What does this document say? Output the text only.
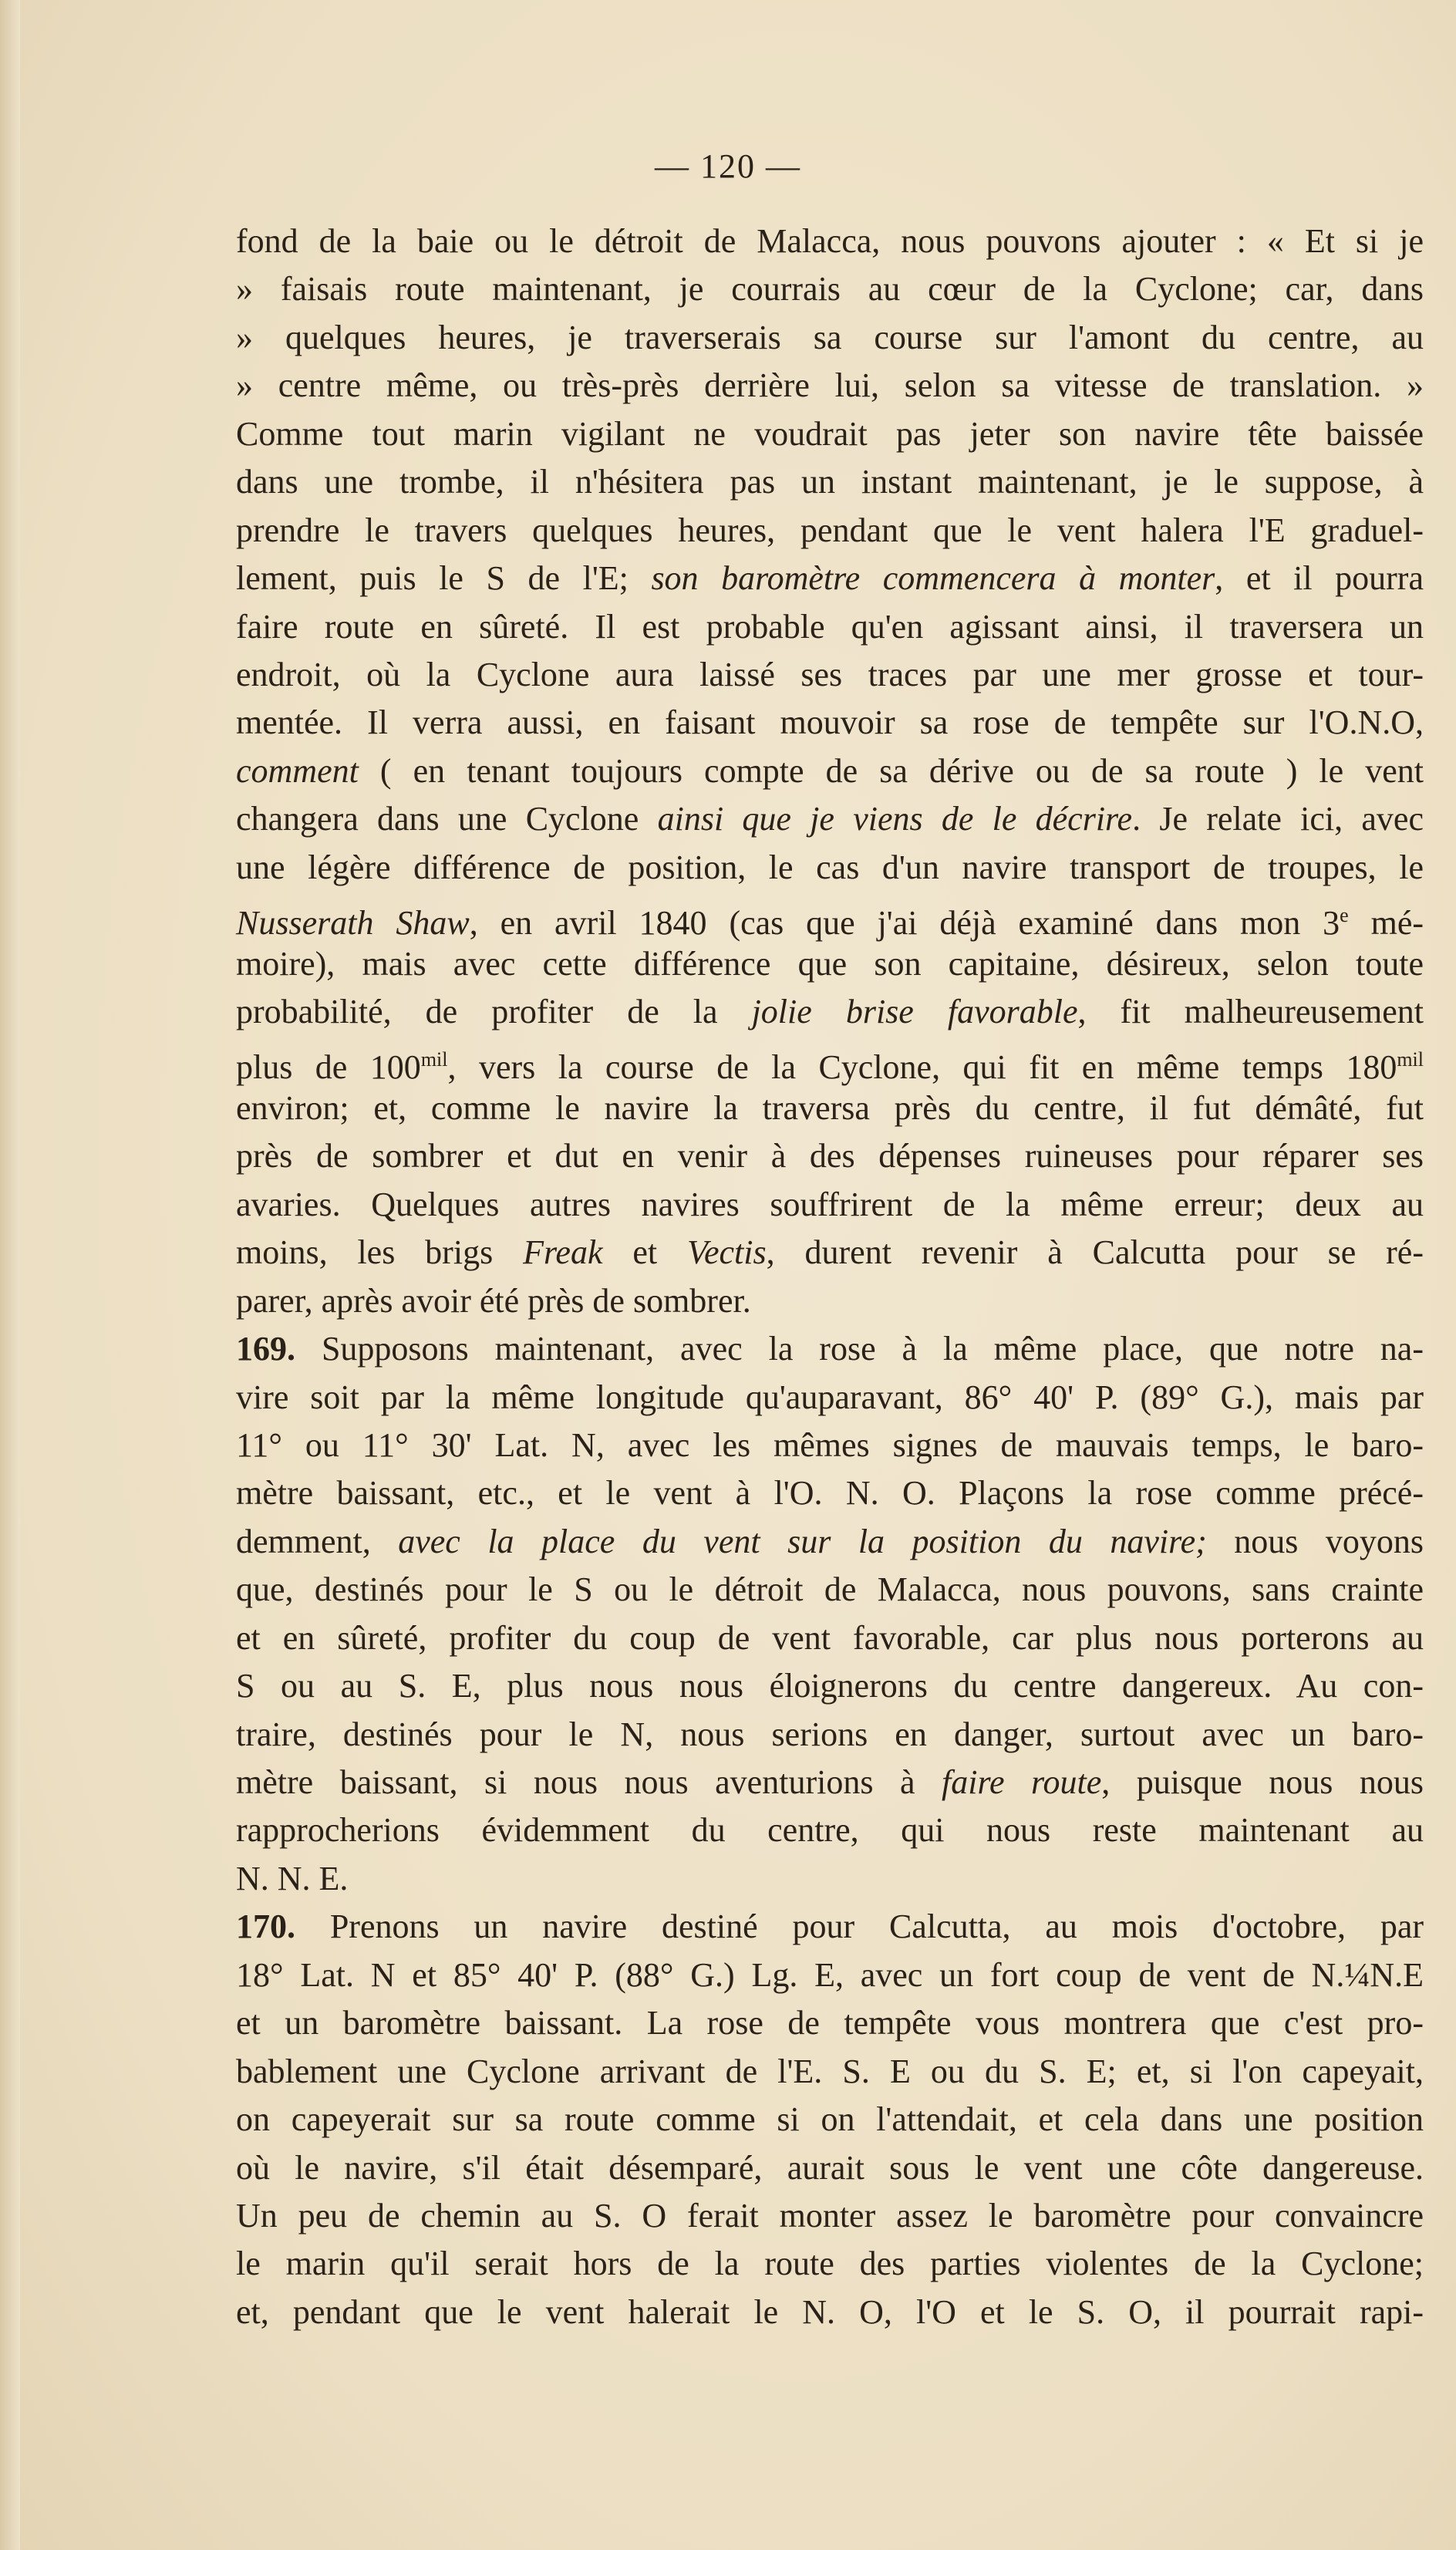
— 120 —
fond de la baie ou le détroit de Malacca, nous pouvons ajouter : « Et si je
» faisais route maintenant, je courrais au cœur de la Cyclone; car, dans
» quelques heures, je traverserais sa course sur l'amont du centre, au
» centre même, ou très-près derrière lui, selon sa vitesse de translation. »
Comme tout marin vigilant ne voudrait pas jeter son navire tête baissée
dans une trombe, il n'hésitera pas un instant maintenant, je le suppose, à
prendre le travers quelques heures, pendant que le vent halera l'E graduel-
lement, puis le S de l'E; son baromètre commencera à monter, et il pourra
faire route en sûreté. Il est probable qu'en agissant ainsi, il traversera un
endroit, où la Cyclone aura laissé ses traces par une mer grosse et tour-
mentée. Il verra aussi, en faisant mouvoir sa rose de tempête sur l'O.N.O,
comment ( en tenant toujours compte de sa dérive ou de sa route ) le vent
changera dans une Cyclone ainsi que je viens de le décrire. Je relate ici, avec
une légère différence de position, le cas d'un navire transport de troupes, le
Nusserath Shaw, en avril 1840 (cas que j'ai déjà examiné dans mon 3e mé-
moire), mais avec cette différence que son capitaine, désireux, selon toute
probabilité, de profiter de la jolie brise favorable, fit malheureusement
plus de $100^{mil}$, vers la course de la Cyclone, qui fit en même temps $180^{mil}$
environ; et, comme le navire la traversa près du centre, il fut démâté, fut
près de sombrer et dut en venir à des dépenses ruineuses pour réparer ses
avaries. Quelques autres navires souffrirent de la même erreur; deux au
moins, les brigs Freak et Vectis, durent revenir à Calcutta pour se ré-
parer, après avoir été près de sombrer.
169. Supposons maintenant, avec la rose à la même place, que notre na-
vire soit par la même longitude qu'auparavant, 86° 40' P. (89° G.), mais par
11° ou 11° 30' Lat. N, avec les mêmes signes de mauvais temps, le baro-
mètre baissant, etc., et le vent à l'O. N. O. Plaçons la rose comme précé-
demment, avec la place du vent sur la position du navire; nous voyons
que, destinés pour le S ou le détroit de Malacca, nous pouvons, sans crainte
et en sûreté, profiter du coup de vent favorable, car plus nous porterons au
S ou au S. E, plus nous nous éloignerons du centre dangereux. Au con-
traire, destinés pour le N, nous serions en danger, surtout avec un baro-
mètre baissant, si nous nous aventurions à faire route, puisque nous nous
rapprocherions évidemment du centre, qui nous reste maintenant au
N. N. E.
170. Prenons un navire destiné pour Calcutta, au mois d'octobre, par
18° Lat. N et 85° 40' P. (88° G.) Lg. E, avec un fort coup de vent de N.¼N.E
et un baromètre baissant. La rose de tempête vous montrera que c'est pro-
bablement une Cyclone arrivant de l'E. S. E ou du S. E; et, si l'on capeyait,
on capeyerait sur sa route comme si on l'attendait, et cela dans une position
où le navire, s'il était désemparé, aurait sous le vent une côte dangereuse.
Un peu de chemin au S. O ferait monter assez le baromètre pour convaincre
le marin qu'il serait hors de la route des parties violentes de la Cyclone;
et, pendant que le vent halerait le N. O, l'O et le S. O, il pourrait rapi-
